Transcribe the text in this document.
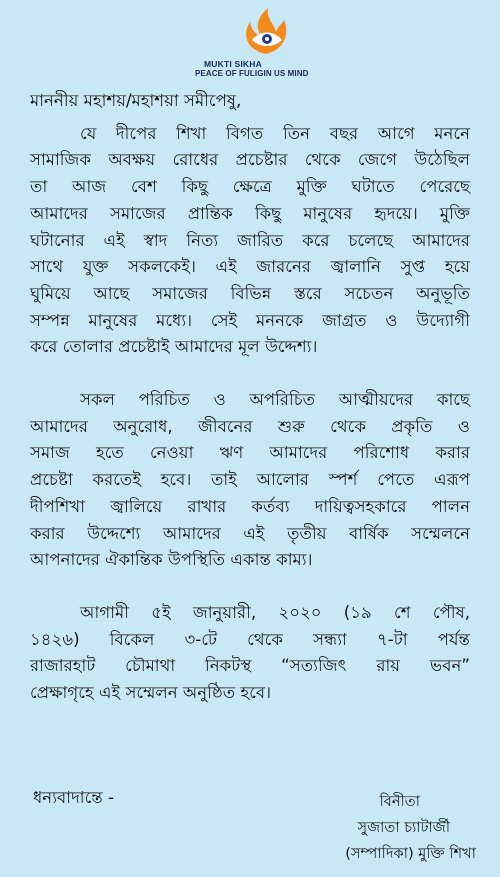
MUKTI SIKHA
PEACE OF FULIGIN US MIND
মাননীয় মহাশয়/মহাশয়া সমীপেষু,
যে দীপের শিখা বিগত তিন বছর আগে মননে
সামাজিক অবক্ষয় রোধের প্রচেষ্টার থেকে জেগে উঠেছিল
তা আজ বেশ কিছু ক্ষেত্রে মুক্তি ঘটাতে পেরেছে
আমাদের সমাজের প্রান্তিক কিছু মানুষের হৃদয়ে। মুক্তি
ঘটানোর এই স্বাদ নিত্য জারিত করে চলেছে আমাদের
সাথে যুক্ত সকলকেই। এই জারনের জ্বালানি সুপ্ত হয়ে
ঘুমিয়ে আছে সমাজের বিভিন্ন স্তরে সচেতন অনুভূতি
সম্পন্ন মানুষের মধ্যে। সেই মননকে জাগ্রত ও উদ্যোগী
করে তোলার প্রচেষ্টাই আমাদের মূল উদ্দেশ্য।
সকল পরিচিত ও অপরিচিত আত্মীয়দের কাছে
আমাদের অনুরোধ, জীবনের শুরু থেকে প্রকৃতি ও
সমাজ হতে নেওয়া ঋণ আমাদের পরিশোধ করার
প্রচেষ্টা করতেই হবে। তাই আলোর স্পর্শ পেতে এরূপ
দীপশিখা জ্বালিয়ে রাখার কর্তব্য দায়িত্বসহকারে পালন
করার উদ্দেশ্যে আমাদের এই তৃতীয় বার্ষিক সম্মেলনে
আপনাদের ঐকান্তিক উপস্থিতি একান্ত কাম্য।
আগামী ৫ই জানুয়ারী, ২০২০ (১৯ শে পৌষ,
১৪২৬) বিকেল ৩-টে থেকে সন্ধ্যা ৭-টা পর্যন্ত
রাজারহাট চৌমাথা নিকটস্থ “সত্যজিৎ রায় ভবন”
প্রেক্ষাগৃহে এই সম্মেলন অনুষ্ঠিত হবে।
ধন্যবাদান্তে -	বিনীতা
সুজাতা চ্যাটার্জী
(সম্পাদিকা) মুক্তি শিখা
